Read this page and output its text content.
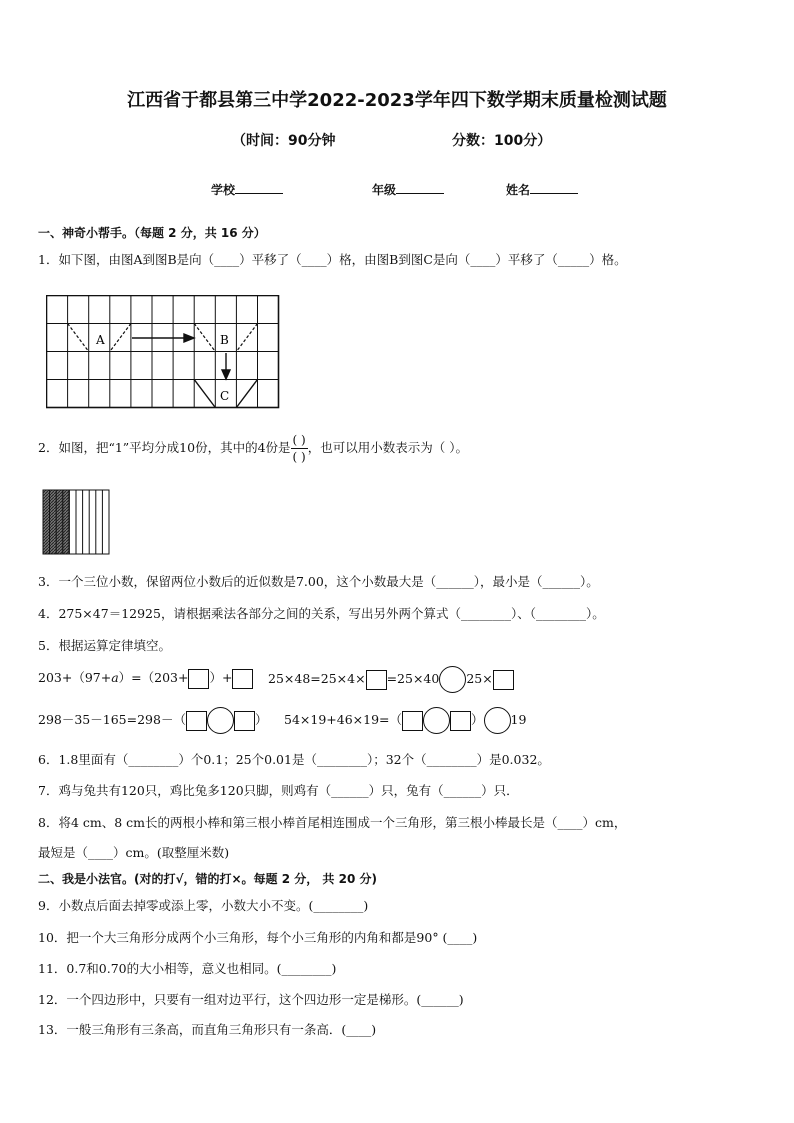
江西省于都县第三中学2022-2023学年四下数学期末质量检测试题
（时间：90分钟	分数：100分）
学校	年级	姓名
一、神奇小帮手。（每题 2 分，共 16 分）
1．如下图，由图A到图B是向（____）平移了（____）格，由图B到图C是向（____）平移了（_____）格。
A	B
C
2．如图，把“1”平均分成10份，其中的4份是 $\frac{( )}{( )}$ ，也可以用小数表示为（ ）。
3．一个三位小数，保留两位小数后的近似数是7.00，这个小数最大是（______），最小是（______）。
4．275×47＝12925，请根据乘法各部分之间的关系，写出另外两个算式（________）、（________）。
5．根据运算定律填空。
203+（97+a）=（203+ ）+	25×48=25×4× =25×40 25×
298－35－165=298－（	） 54×19+46×19=（	） 19
6．1.8里面有（________）个0.1；25个0.01是（________）；32个（________）是0.032。
7．鸡与兔共有120只，鸡比兔多120只脚，则鸡有（______）只，兔有（______）只．
8．将4 cm、8 cm长的两根小棒和第三根小棒首尾相连围成一个三角形，第三根小棒最长是（____）cm，
最短是（____）cm。(取整厘米数)
二、我是小法官。(对的打√，错的打×。每题 2 分， 共 20 分)
9．小数点后面去掉零或添上零，小数大小不变。(________)
10．把一个大三角形分成两个小三角形，每个小三角形的内角和都是90° (____)
11．0.7和0.70的大小相等，意义也相同。(________)
12．一个四边形中，只要有一组对边平行，这个四边形一定是梯形。(______)
13．一般三角形有三条高，而直角三角形只有一条高．(____)
